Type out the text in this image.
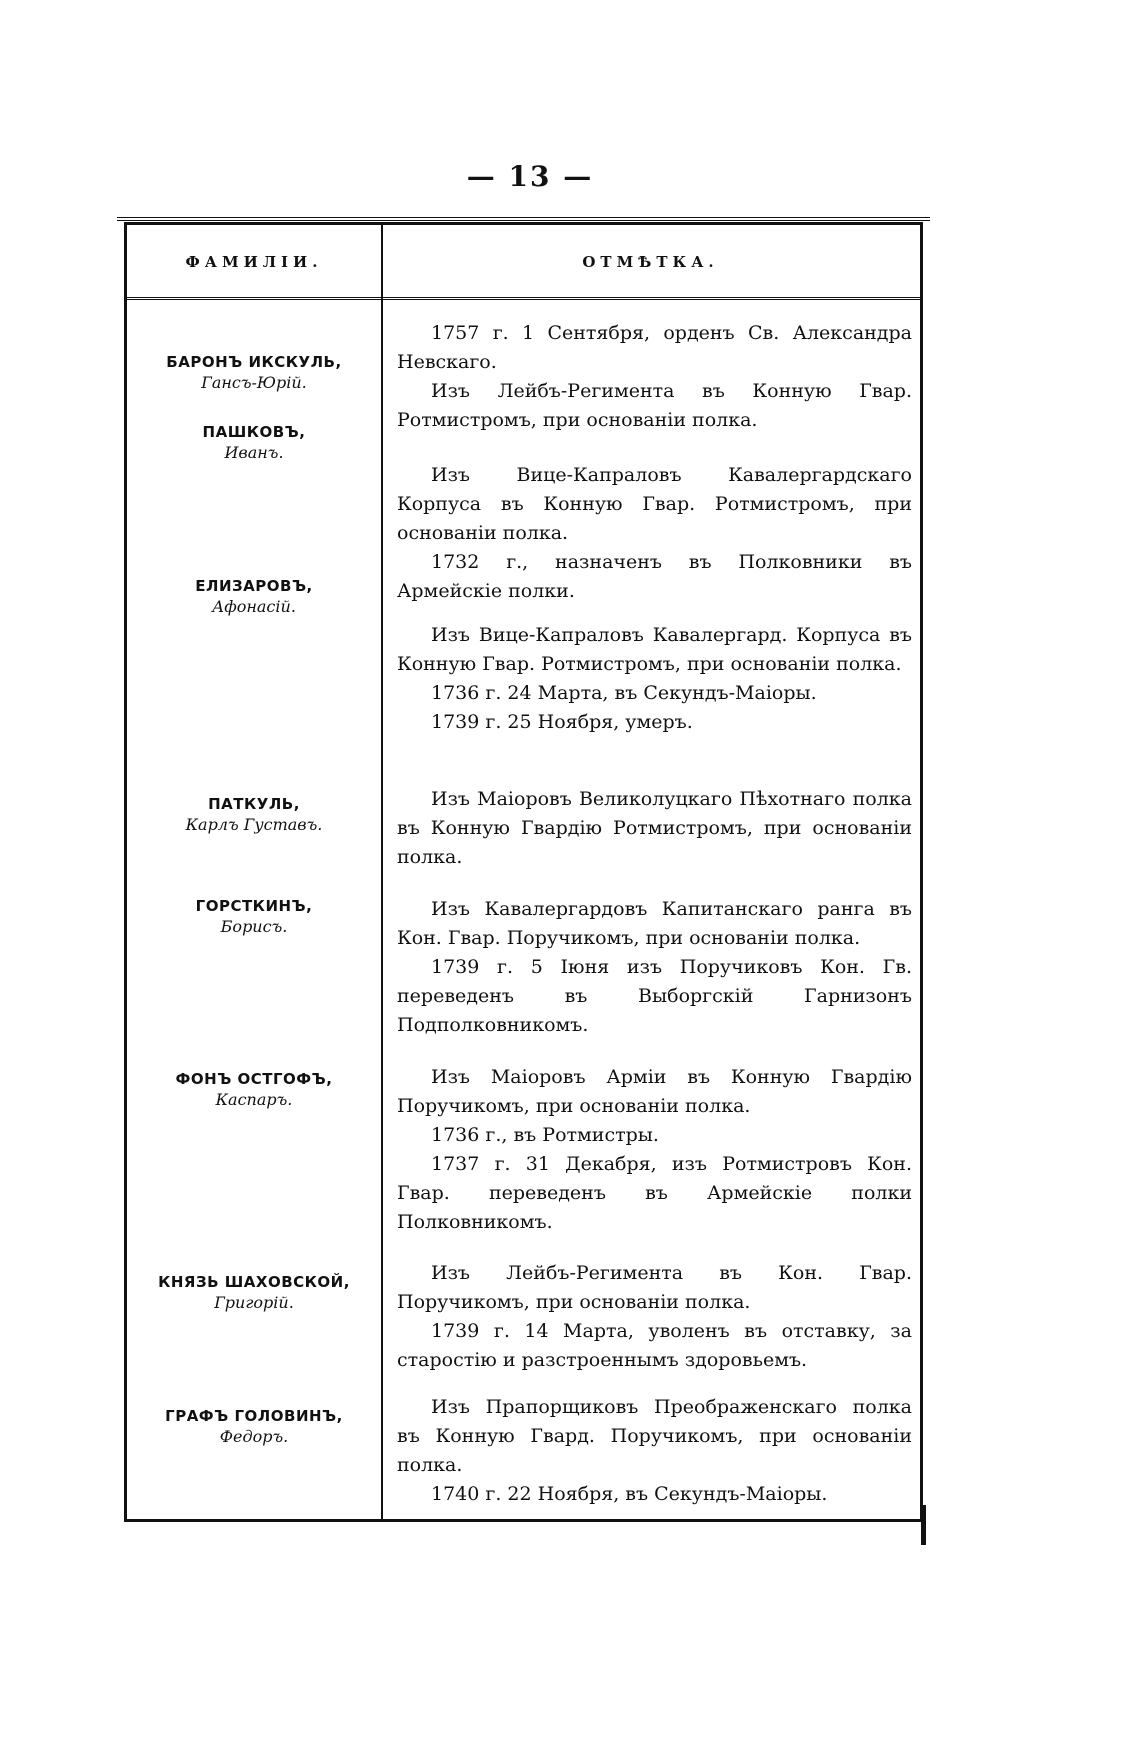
— 13 —
ФАМИЛІИ.	ОТМѢТКА.
БАРОНЪ ИКСКУЛЬ,
Гансъ-Юрій.
ПАШКОВЪ,
Иванъ.
ЕЛИЗАРОВЪ,
Афонасій.
ПАТКУЛЬ,
Карлъ Густавъ.
ГОРСТКИНЪ,
Борисъ.
ФОНЪ ОСТГОФЪ,
Каспаръ.
КНЯЗЬ ШАХОВСКОЙ,
Григорій.
ГРАФЪ ГОЛОВИНЪ,
Федоръ.
1757 г. 1 Сентября, орденъ Св. Александра Невскаго.
Изъ Лейбъ-Регимента въ Конную Гвар. Ротмистромъ, при основаніи полка.
Изъ Вице-Капраловъ Кавалергардскаго Корпуса въ Конную Гвар. Ротмистромъ, при основаніи полка.
1732 г., назначенъ въ Полковники въ Армейскіе полки.
Изъ Вице-Капраловъ Кавалергард. Корпуса въ Конную Гвар. Ротмистромъ, при основаніи полка.
1736 г. 24 Марта, въ Секундъ-Маіоры.
1739 г. 25 Ноября, умеръ.
Изъ Маіоровъ Великолуцкаго Пѣхотнаго полка въ Конную Гвардію Ротмистромъ, при основаніи полка.
Изъ Кавалергардовъ Капитанскаго ранга въ Кон. Гвар. Поручикомъ, при основаніи полка.
1739 г. 5 Іюня изъ Поручиковъ Кон. Гв. переведенъ въ Выборгскій Гарнизонъ Подполковникомъ.
Изъ Маіоровъ Арміи въ Конную Гвардію Поручикомъ, при основаніи полка.
1736 г., въ Ротмистры.
1737 г. 31 Декабря, изъ Ротмистровъ Кон. Гвар. переведенъ въ Армейскіе полки Полковникомъ.
Изъ Лейбъ-Регимента въ Кон. Гвар. Поручикомъ, при основаніи полка.
1739 г. 14 Марта, уволенъ въ отставку, за старостію и разстроеннымъ здоровьемъ.
Изъ Прапорщиковъ Преображенскаго полка въ Конную Гвард. Поручикомъ, при основаніи полка.
1740 г. 22 Ноября, въ Секундъ-Маіоры.
